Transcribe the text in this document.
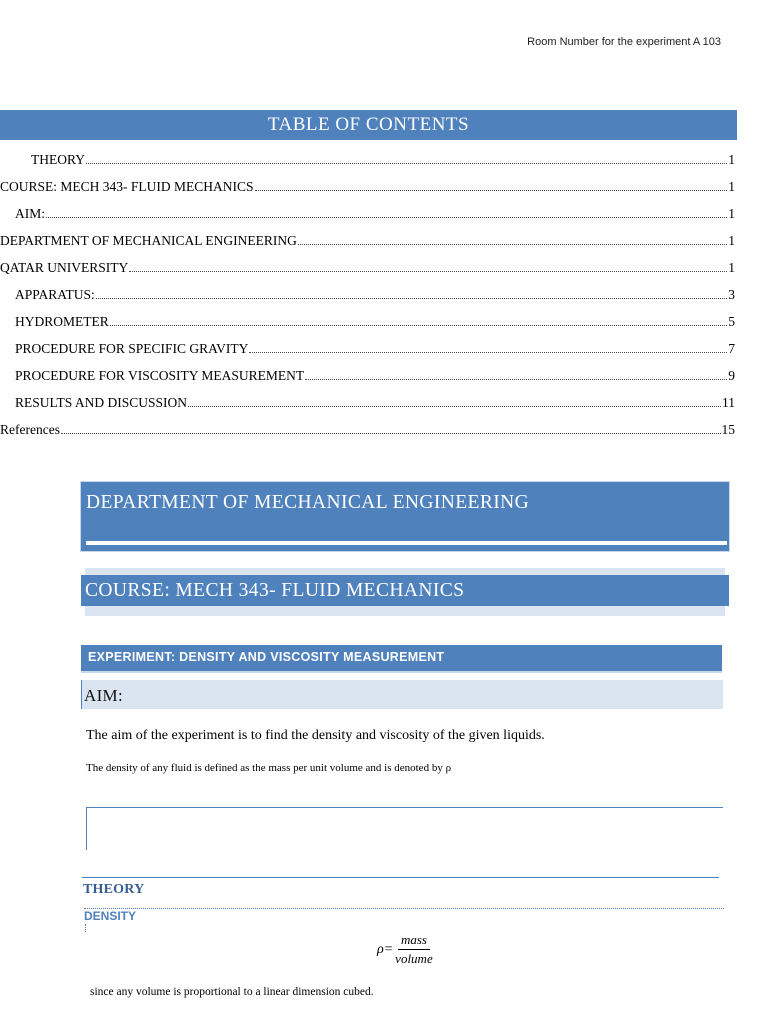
Room Number for the experiment A 103
TABLE OF CONTENTS
THEORY	1
COURSE: MECH 343- FLUID MECHANICS	1
AIM:	1
DEPARTMENT OF MECHANICAL ENGINEERING	1
QATAR UNIVERSITY	1
APPARATUS:	3
HYDROMETER	5
PROCEDURE FOR SPECIFIC GRAVITY	7
PROCEDURE FOR VISCOSITY MEASUREMENT	9
RESULTS AND DISCUSSION	11
References	15
DEPARTMENT OF MECHANICAL ENGINEERING
COURSE: MECH 343- FLUID MECHANICS
EXPERIMENT: DENSITY AND VISCOSITY MEASUREMENT
AIM:
The aim of the experiment is to find the density and viscosity of the given liquids.
The density of any fluid is defined as the mass per unit volume and is denoted by ρ
THEORY
DENSITY
$\rho= \frac{\text{mass}}{\text{volume}}$
since any volume is proportional to a linear dimension cubed.
